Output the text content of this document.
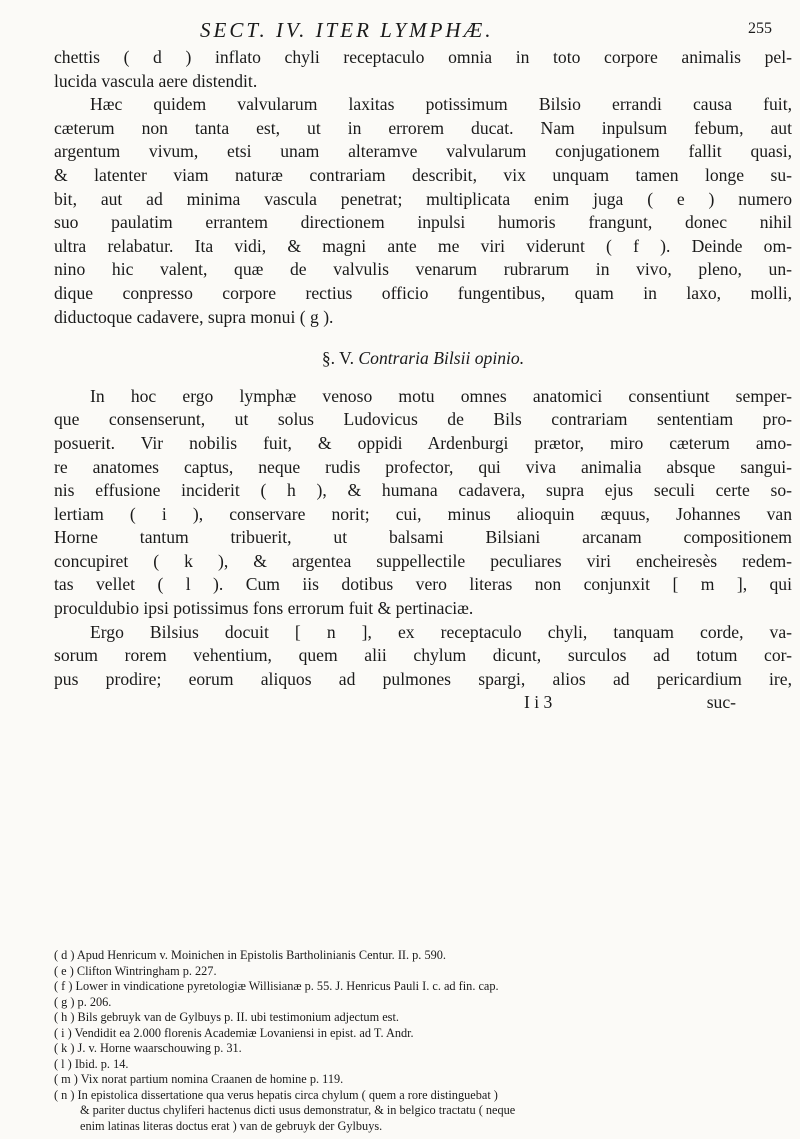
SECT. IV. ITER LYMPHÆ.	255
chettis ( d ) inflato chyli receptaculo omnia in toto corpore animalis pel-
lucida vasculа aere distendit.
Hæc quidem valvularum laxitas potissimum Bilsio errandi causa fuit,
cæterum non tanta est, ut in errorem ducat. Nam inpulsum febum, aut
argentum vivum, etsi unam alteramve valvularum conjugationem fallit quasi,
& latenter viam naturæ contrariam describit, vix unquam tamen longe su-
bit, aut ad minima vascula penetrat; multiplicata enim juga ( e ) numero
suo paulatim errantem directionem inpulsi humoris frangunt, donec nihil
ultra relabatur. Ita vidi, & magni ante me viri viderunt ( f ). Deinde om-
nino hic valent, quæ de valvulis venarum rubrarum in vivo, pleno, un-
dique conpresso corpore rectius officio fungentibus, quam in laxo, molli,
diductoque cadavere, supra monui ( g ).
§. V. Contraria Bilsii opinio.
In hoc ergo lymphæ venoso motu omnes anatomici consentiunt semper-
que consenserunt, ut solus Ludovicus de Bils contrariam sententiam pro-
posuerit. Vir nobilis fuit, & oppidi Ardenburgi prætor, miro cæterum amo-
re anatomes captus, neque rudis profector, qui viva animalia absque sangui-
nis effusione inciderit ( h ), & humana cadavera, supra ejus seculi certe so-
lertiam ( i ), conservare norit; cui, minus alioquin æquus, Johannes van
Horne tantum tribuerit, ut balsami Bilsiani arcanam compositionem
concupiret ( k ), & argentea suppellectile peculiares viri encheiresès redem-
tas vellet ( l ). Cum iis dotibus vero literas non conjunxit [ m ], qui
proculdubio ipsi potissimus fons errorum fuit & pertinaciæ.
Ergo Bilsius docuit [ n ], ex receptaculo chyli, tanquam corde, va-
sorum rorem vehentium, quem alii chylum dicunt, surculos ad totum cor-
pus prodire; eorum aliquos ad pulmones spargi, alios ad pericardium ire,
I i 3	suc-
( d ) Apud Henricum v. Moinichen in Epistolis Bartholinianis Centur. II. p. 590.
( e ) Clifton Wintringham p. 227.
( f ) Lower in vindicatione pyretologiæ Willisianæ p. 55. J. Henricus Pauli I. c. ad fin. cap.
( g ) p. 206.
( h ) Bils gebruyk van de Gylbuys p. II. ubi testimonium adjectum est.
( i ) Vendidit ea 2.000 florenis Academiæ Lovaniensi in epist. ad T. Andr.
( k ) J. v. Horne waarschouwing p. 31.
( l ) Ibid. p. 14.
( m ) Vix norat partium nomina Craanen de homine p. 119.
( n ) In epistolica dissertatione qua verus hepatis circa chylum ( quem a rore distinguebat )
& pariter ductus chyliferi hactenus dicti usus demonstratur, & in belgico tractatu ( neque
enim latinas literas doctus erat ) van de gebruyk der Gylbuys.
